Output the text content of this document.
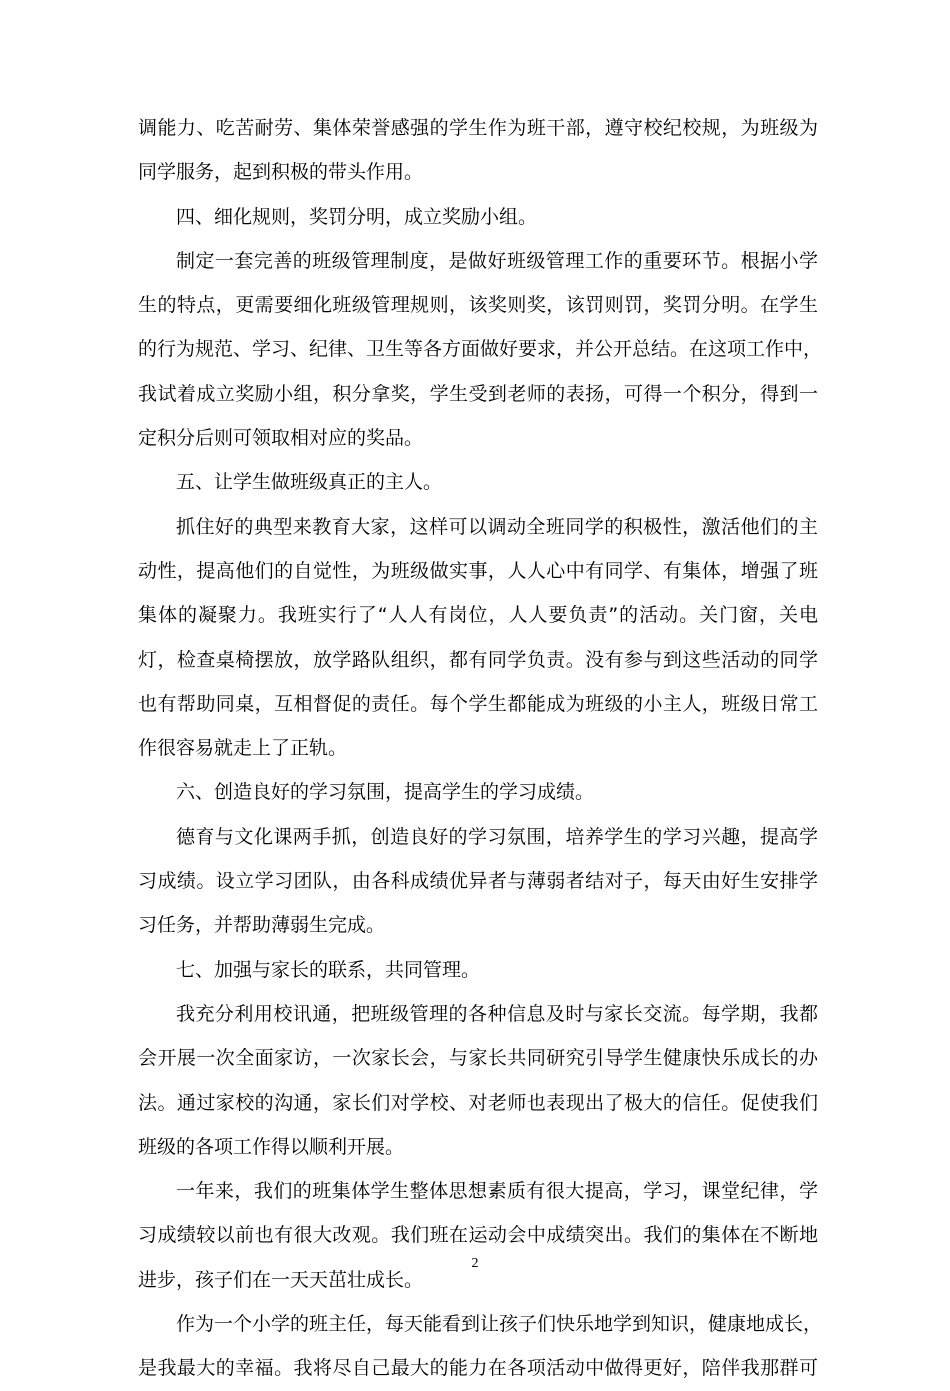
调能力、吃苦耐劳、集体荣誉感强的学生作为班干部，遵守校纪校规，为班级为
同学服务，起到积极的带头作用。
四、细化规则，奖罚分明，成立奖励小组。
制定一套完善的班级管理制度，是做好班级管理工作的重要环节。根据小学
生的特点，更需要细化班级管理规则，该奖则奖，该罚则罚，奖罚分明。在学生
的行为规范、学习、纪律、卫生等各方面做好要求，并公开总结。在这项工作中，
我试着成立奖励小组，积分拿奖，学生受到老师的表扬，可得一个积分，得到一
定积分后则可领取相对应的奖品。
五、让学生做班级真正的主人。
抓住好的典型来教育大家，这样可以调动全班同学的积极性，激活他们的主
动性，提高他们的自觉性，为班级做实事，人人心中有同学、有集体，增强了班
集体的凝聚力。我班实行了“人人有岗位，人人要负责”的活动。关门窗，关电
灯，检查桌椅摆放，放学路队组织，都有同学负责。没有参与到这些活动的同学
也有帮助同桌，互相督促的责任。每个学生都能成为班级的小主人，班级日常工
作很容易就走上了正轨。
六、创造良好的学习氛围，提高学生的学习成绩。
德育与文化课两手抓，创造良好的学习氛围，培养学生的学习兴趣，提高学
习成绩。设立学习团队，由各科成绩优异者与薄弱者结对子，每天由好生安排学
习任务，并帮助薄弱生完成。
七、加强与家长的联系，共同管理。
我充分利用校讯通，把班级管理的各种信息及时与家长交流。每学期，我都
会开展一次全面家访，一次家长会，与家长共同研究引导学生健康快乐成长的办
法。通过家校的沟通，家长们对学校、对老师也表现出了极大的信任。促使我们
班级的各项工作得以顺利开展。
一年来，我们的班集体学生整体思想素质有很大提高，学习，课堂纪律，学
习成绩较以前也有很大改观。我们班在运动会中成绩突出。我们的集体在不断地
进步，孩子们在一天天茁壮成长。
作为一个小学的班主任，每天能看到让孩子们快乐地学到知识，健康地成长，
是我最大的幸福。我将尽自己最大的能力在各项活动中做得更好，陪伴我那群可
2
